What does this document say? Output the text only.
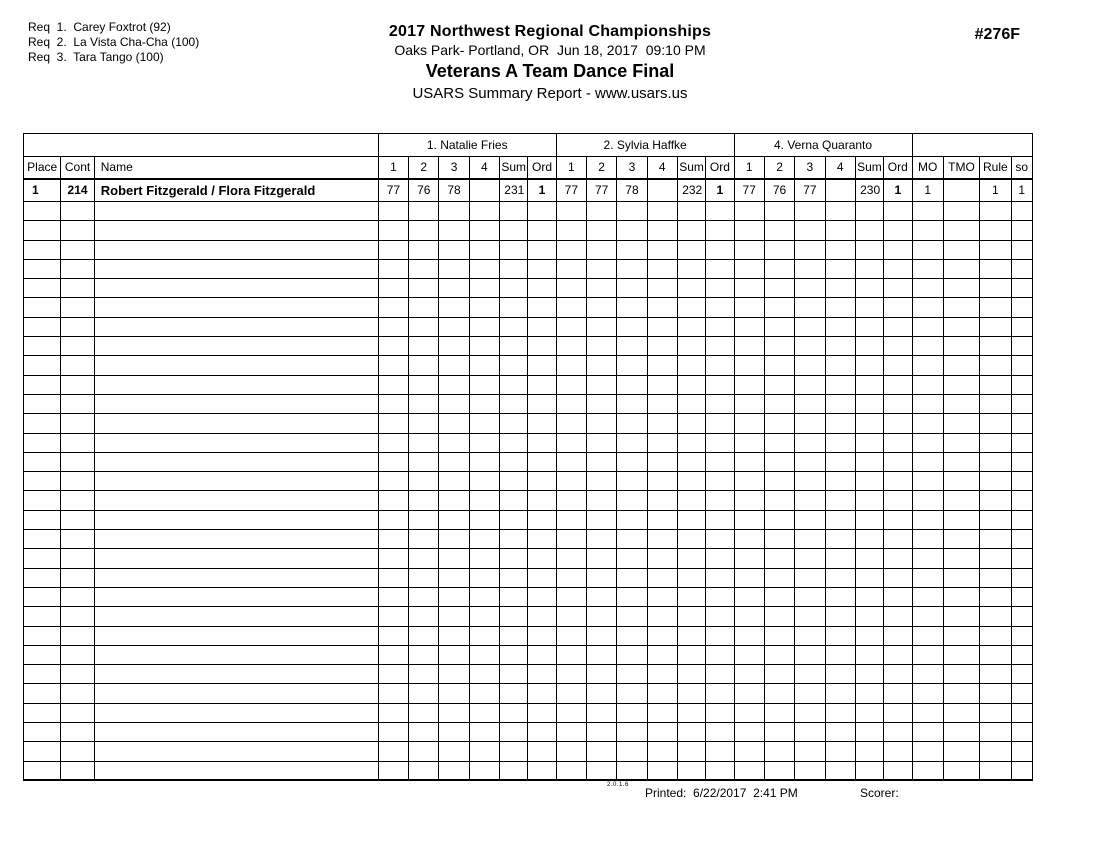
Req  1.  Carey Foxtrot (92)
Req  2.  La Vista Cha-Cha (100)
Req  3.  Tara Tango (100)
2017 Northwest Regional Championships
Oaks Park- Portland, OR  Jun 18, 2017  09:10 PM
Veterans A Team Dance Final
USARS Summary Report - www.usars.us
#276F
			1. Natalie Fries						2. Sylvia Haffke						4. Verna Quaranto									
Place	Cont	Name	1	2	3	4	Sum	Ord	1	2	3	4	Sum	Ord	1	2	3	4	Sum	Ord	MO	TMO	Rule	so
1	214	Robert Fitzgerald / Flora Fitzgerald	77	76	78		231	1	77	77	78		232	1	77	76	77		230	1	1		1	1

2.0.1.6
Printed:  6/22/2017  2:41 PM	Scorer:
